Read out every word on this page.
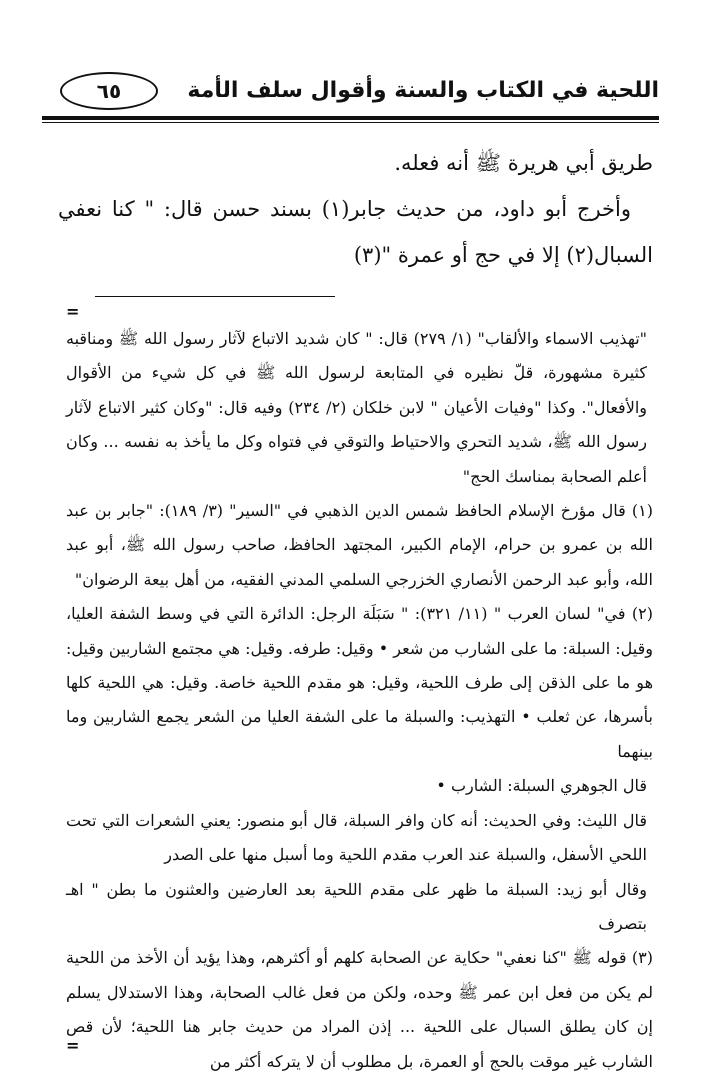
اللحية في الكتاب والسنة وأقوال سلف الأمة
٦٥

طريق أبي هريرة ﷺ أنه فعله.

وأخرج أبو داود، من حديث جابر(١) بسند حسن قال: " كنا نعفي السبال(٢) إلا في حج أو عمرة "(٣)

=

"تهذيب الاسماء والألقاب" (١/ ٢٧٩) قال: " كان شديد الاتباع لآثار رسول الله ﷺ ومناقبه كثيرة مشهورة، قلّ نظيره في المتابعة لرسول الله ﷺ في كل شيء من الأقوال والأفعال". وكذا "وفيات الأعيان " لابن خلكان (٢/ ٢٣٤) وفيه قال: "وكان كثير الاتباع لآثار رسول الله ﷺ، شديد التحري والاحتياط والتوقي في فتواه وكل ما يأخذ به نفسه ... وكان أعلم الصحابة بمناسك الحج"

(١) قال مؤرخ الإسلام الحافظ شمس الدين الذهبي في "السير" (٣/ ١٨٩): "جابر بن عبد الله بن عمرو بن حرام، الإمام الكبير، المجتهد الحافظ، صاحب رسول الله ﷺ، أبو عبد الله، وأبو عبد الرحمن الأنصاري الخزرجي السلمي المدني الفقيه، من أهل بيعة الرضوان"

(٢) في" لسان العرب " (١١/ ٣٢١): " سَبَلَة الرجل: الدائرة التي في وسط الشفة العليا، وقيل: السبلة: ما على الشارب من شعر • وقيل: طرفه. وقيل: هي مجتمع الشاربين وقيل: هو ما على الذقن إلى طرف اللحية، وقيل: هو مقدم اللحية خاصة. وقيل: هي اللحية كلها بأسرها، عن ثعلب • التهذيب: والسبلة ما على الشفة العليا من الشعر يجمع الشاربين وما بينهما

قال الجوهري السبلة: الشارب •

قال الليث: وفي الحديث: أنه كان وافر السبلة، قال أبو منصور: يعني الشعرات التي تحت اللحي الأسفل، والسبلة عند العرب مقدم اللحية وما أسبل منها على الصدر

وقال أبو زيد: السبلة ما ظهر على مقدم اللحية بعد العارضين والعثنون ما بطن " اهـ بتصرف

(٣) قوله ﷺ "كنا نعفي" حكاية عن الصحابة كلهم أو أكثرهم، وهذا يؤيد أن الأخذ من اللحية لم يكن من فعل ابن عمر ﷺ وحده، ولكن من فعل غالب الصحابة، وهذا الاستدلال يسلم إن كان يطلق السبال على اللحية ... إذن المراد من حديث جابر هنا اللحية؛ لأن قص الشارب غير موقت بالحج أو العمرة، بل مطلوب أن لا يتركه أكثر من

=
